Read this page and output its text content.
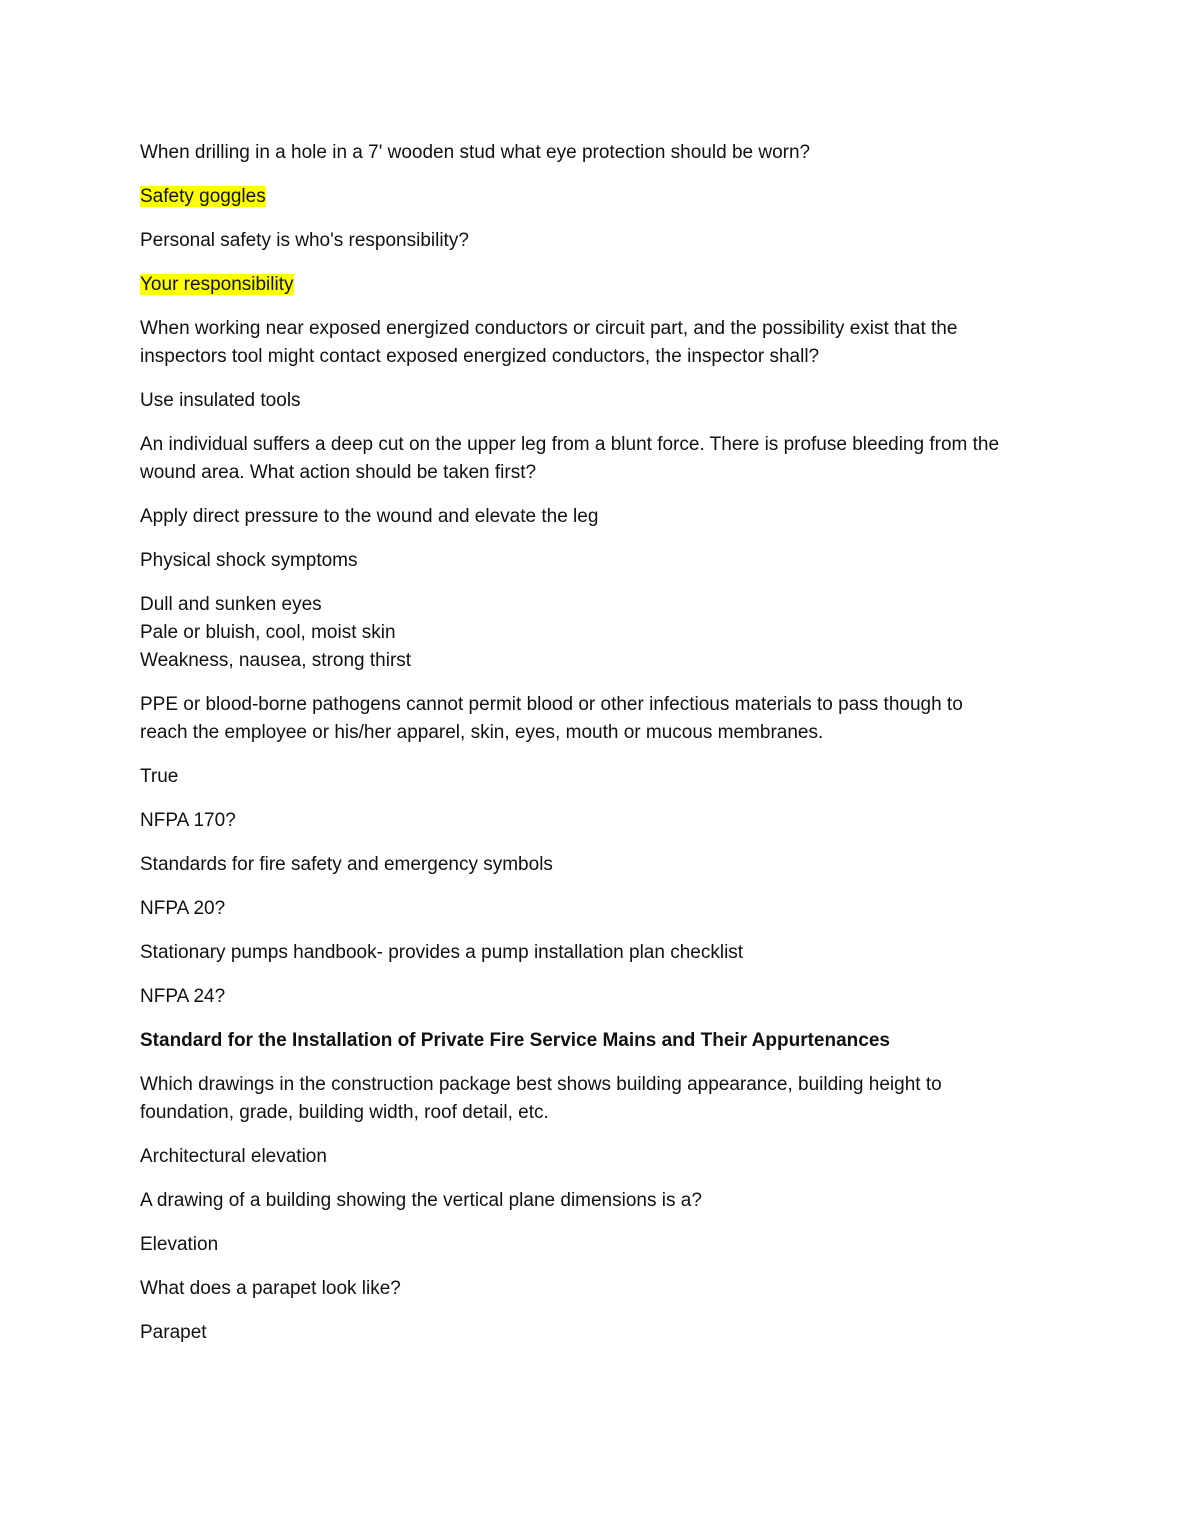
When drilling in a hole in a 7' wooden stud what eye protection should be worn?
Safety goggles
Personal safety is who's responsibility?
Your responsibility
When working near exposed energized conductors or circuit part, and the possibility exist that the
inspectors tool might contact exposed energized conductors, the inspector shall?
Use insulated tools
An individual suffers a deep cut on the upper leg from a blunt force. There is profuse bleeding from the
wound area. What action should be taken first?
Apply direct pressure to the wound and elevate the leg
Physical shock symptoms
Dull and sunken eyes
Pale or bluish, cool, moist skin
Weakness, nausea, strong thirst
PPE or blood-borne pathogens cannot permit blood or other infectious materials to pass though to
reach the employee or his/her apparel, skin, eyes, mouth or mucous membranes.
True
NFPA 170?
Standards for fire safety and emergency symbols
NFPA 20?
Stationary pumps handbook- provides a pump installation plan checklist
NFPA 24?
Standard for the Installation of Private Fire Service Mains and Their Appurtenances
Which drawings in the construction package best shows building appearance, building height to
foundation, grade, building width, roof detail, etc.
Architectural elevation
A drawing of a building showing the vertical plane dimensions is a?
Elevation
What does a parapet look like?
Parapet
